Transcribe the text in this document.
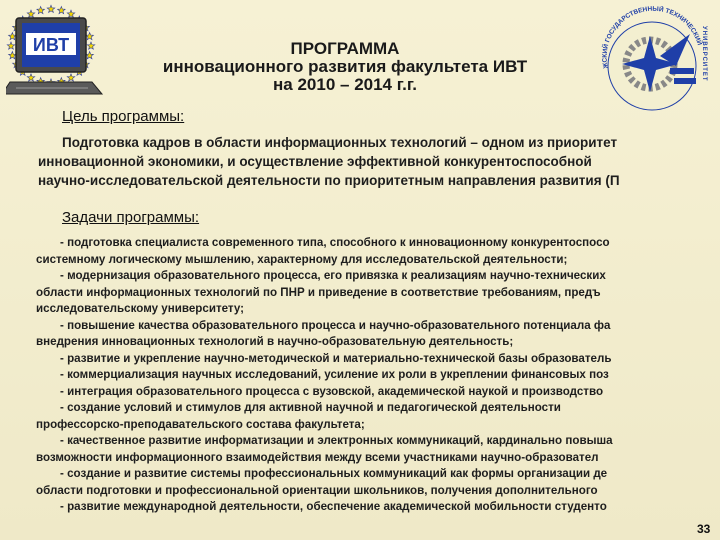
ИВТ
ЖСКИЙ ГОСУДАРСТВЕННЫЙ ТЕХНИЧЕСКИЙ
УНИВЕРСИТЕТ
ПРОГРАММА
инновационного развития факультета ИВТ
на 2010 – 2014 г.г.
Цель программы:
Подготовка кадров в области информационных технологий – одном из приоритет
инновационной экономики, и осуществление эффективной конкурентоспособной
научно-исследовательской деятельности по приоритетным направления развития (П
Задачи программы:
- подготовка специалиста современного типа, способного к инновационному конкурентоспосо
системному логическому мышлению, характерному для исследовательской деятельности;
- модернизация образовательного процесса, его привязка к реализациям научно-технических
области информационных технологий по ПНР и приведение в соответствие требованиям, предъ
исследовательскому университету;
- повышение качества образовательного процесса и научно-образовательного потенциала фа
внедрения инновационных технологий в научно-образовательную деятельность;
- развитие и укрепление научно-методической и материально-технической базы образователь
- коммерциализация научных исследований, усиление их роли в укреплении финансовых поз
- интеграция образовательного процесса с вузовской, академической наукой и производство
- создание условий и стимулов для активной научной и педагогической деятельности
профессорско-преподавательского состава факультета;
- качественное развитие информатизации и электронных коммуникаций, кардинально повыша
возможности информационного взаимодействия между всеми участниками научно-образовател
- создание и развитие системы профессиональных коммуникаций как формы организации де
области подготовки и профессиональной ориентации школьников, получения дополнительного
- развитие международной деятельности, обеспечение академической мобильности студенто
33
